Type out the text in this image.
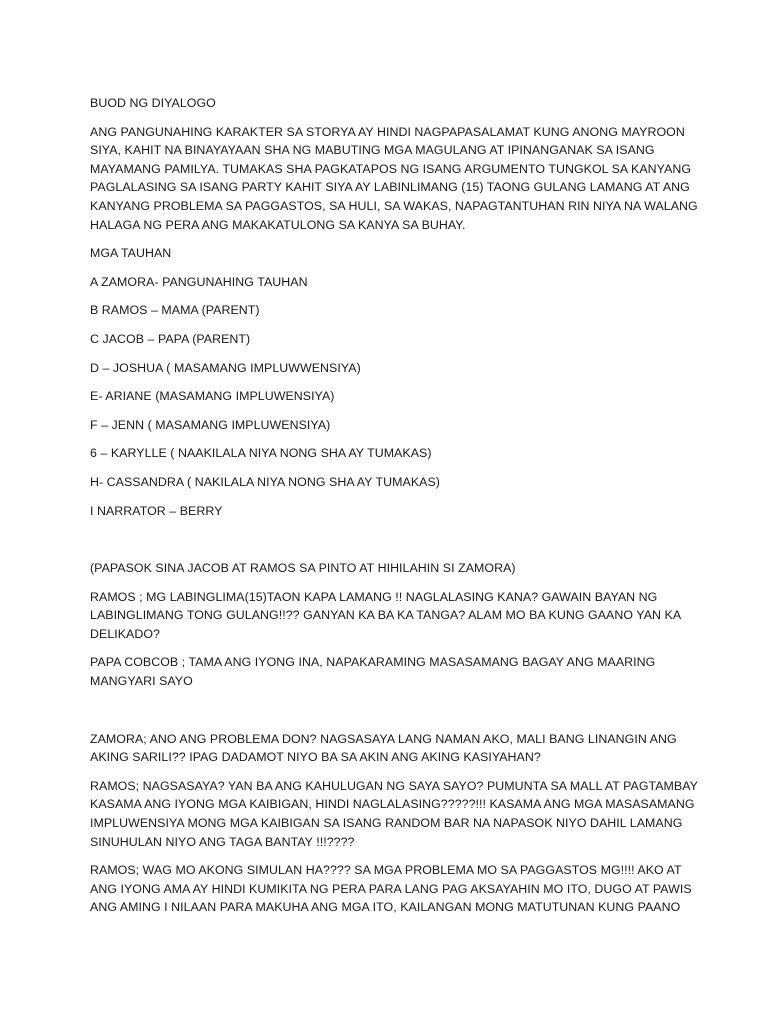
BUOD NG DIYALOGO

ANG PANGUNAHING KARAKTER SA STORYA AY HINDI NAGPAPASALAMAT KUNG ANONG MAYROON
SIYA, KAHIT NA BINAYAYAAN SHA NG MABUTING MGA MAGULANG AT IPINANGANAK SA ISANG
MAYAMANG PAMILYA. TUMAKAS SHA PAGKATAPOS NG ISANG ARGUMENTO TUNGKOL SA KANYANG
PAGLALASING SA ISANG PARTY KAHIT SIYA AY LABINLIMANG (15) TAONG GULANG LAMANG AT ANG
KANYANG PROBLEMA SA PAGGASTOS, SA HULI, SA WAKAS, NAPAGTANTUHAN RIN NIYA NA WALANG
HALAGA NG PERA ANG MAKAKATULONG SA KANYA SA BUHAY.

MGA TAUHAN

A ZAMORA- PANGUNAHING TAUHAN

B RAMOS – MAMA (PARENT)

C JACOB – PAPA (PARENT)

D – JOSHUA ( MASAMANG IMPLUWWENSIYA)

E- ARIANE (MASAMANG IMPLUWENSIYA)

F – JENN ( MASAMANG IMPLUWENSIYA)

6 – KARYLLE ( NAAKILALA NIYA NONG SHA AY TUMAKAS)

H- CASSANDRA ( NAKILALA NIYA NONG SHA AY TUMAKAS)

I NARRATOR – BERRY

(PAPASOK SINA JACOB AT RAMOS SA PINTO AT HIHILAHIN SI ZAMORA)

RAMOS ; MG LABINGLIMA(15)TAON KAPA LAMANG !! NAGLALASING KANA? GAWAIN BAYAN NG
LABINGLIMANG TONG GULANG!!?? GANYAN KA BA KA TANGA? ALAM MO BA KUNG GAANO YAN KA
DELIKADO?

PAPA COBCOB ; TAMA ANG IYONG INA, NAPAKARAMING MASASAMANG BAGAY ANG MAARING
MANGYARI SAYO

ZAMORA; ANO ANG PROBLEMA DON? NAGSASAYA LANG NAMAN AKO, MALI BANG LINANGIN ANG
AKING SARILI?? IPAG DADAMOT NIYO BA SA AKIN ANG AKING KASIYAHAN?

RAMOS; NAGSASAYA? YAN BA ANG KAHULUGAN NG SAYA SAYO? PUMUNTA SA MALL AT PAGTAMBAY
KASAMA ANG IYONG MGA KAIBIGAN, HINDI NAGLALASING?????!!! KASAMA ANG MGA MASASAMANG
IMPLUWENSIYA MONG MGA KAIBIGAN SA ISANG RANDOM BAR NA NAPASOK NIYO DAHIL LAMANG
SINUHULAN NIYO ANG TAGA BANTAY !!!????

RAMOS; WAG MO AKONG SIMULAN HA???? SA MGA PROBLEMA MO SA PAGGASTOS MG!!!! AKO AT
ANG IYONG AMA AY HINDI KUMIKITA NG PERA PARA LANG PAG AKSAYAHIN MO ITO, DUGO AT PAWIS
ANG AMING I NILAAN PARA MAKUHA ANG MGA ITO, KAILANGAN MONG MATUTUNAN KUNG PAANO
